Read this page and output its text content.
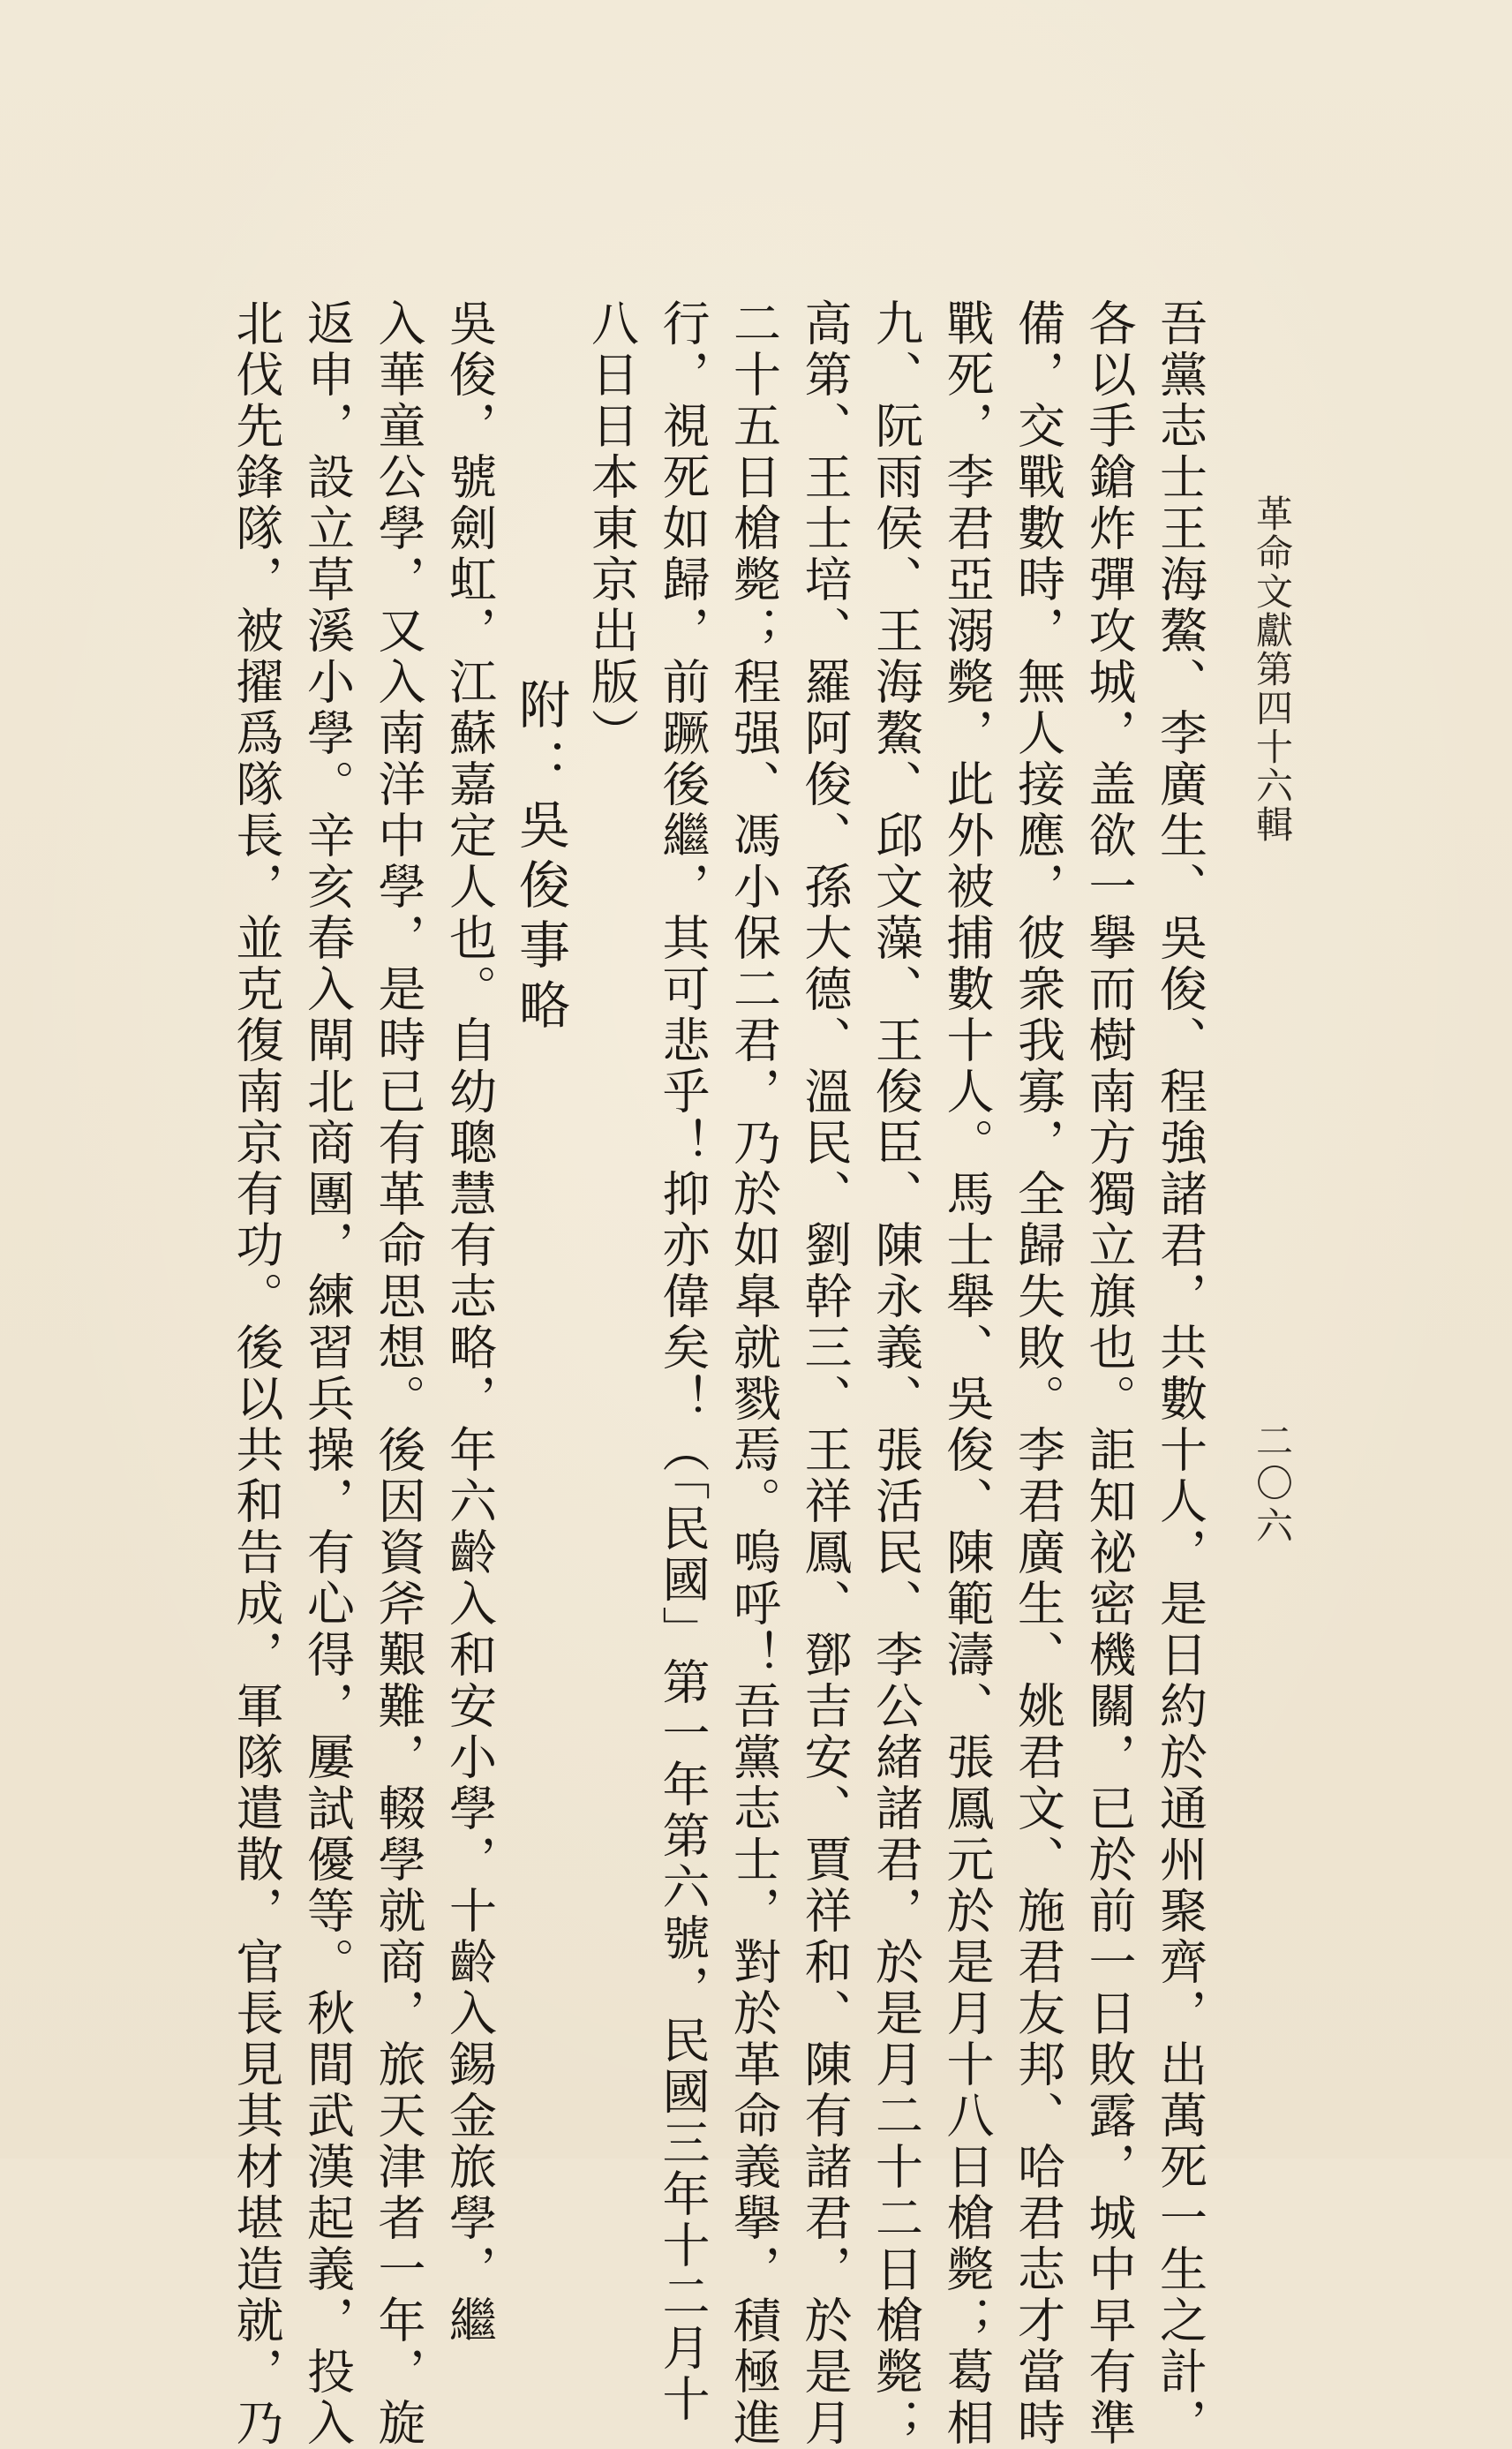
革命文獻第四十六輯
二〇六
吾黨志士王海鰲、李廣生、吳俊、程強諸君，共數十人，是日約於通州聚齊，出萬死一生之計，
各以手鎗炸彈攻城，盖欲一擧而樹南方獨立旗也。詎知祕密機關，已於前一日敗露，城中早有準
備，交戰數時，無人接應，彼衆我寡，全歸失敗。李君廣生、姚君文、施君友邦、哈君志才當時
戰死，李君亞溺斃，此外被捕數十人。馬士舉、吳俊、陳範濤、張鳳元於是月十八日槍斃；葛相
九、阮雨侯、王海鰲、邱文藻、王俊臣、陳永義、張活民、李公緒諸君，於是月二十二日槍斃；
高第、王士培、羅阿俊、孫大德、溫民、劉幹三、王祥鳳、鄧吉安、賈祥和、陳有諸君，於是月
二十五日槍斃；程强、馮小保二君，乃於如臯就戮焉。嗚呼！吾黨志士，對於革命義擧，積極進
行，視死如歸，前蹶後繼，其可悲乎！抑亦偉矣！（「民國」第一年第六號，民國三年十二月十
八日日本東京出版）
附：吳俊事略
吳俊，號劍虹，江蘇嘉定人也。自幼聰慧有志略，年六齡入和安小學，十齡入錫金旅學，繼
入華童公學，又入南洋中學，是時已有革命思想。後因資斧艱難，輟學就商，旅天津者一年，旋
返申，設立草溪小學。辛亥春入閘北商團，練習兵操，有心得，屢試優等。秋間武漢起義，投入
北伐先鋒隊，被擢爲隊長，並克復南京有功。後以共和告成，軍隊遣散，官長見其材堪造就，乃
